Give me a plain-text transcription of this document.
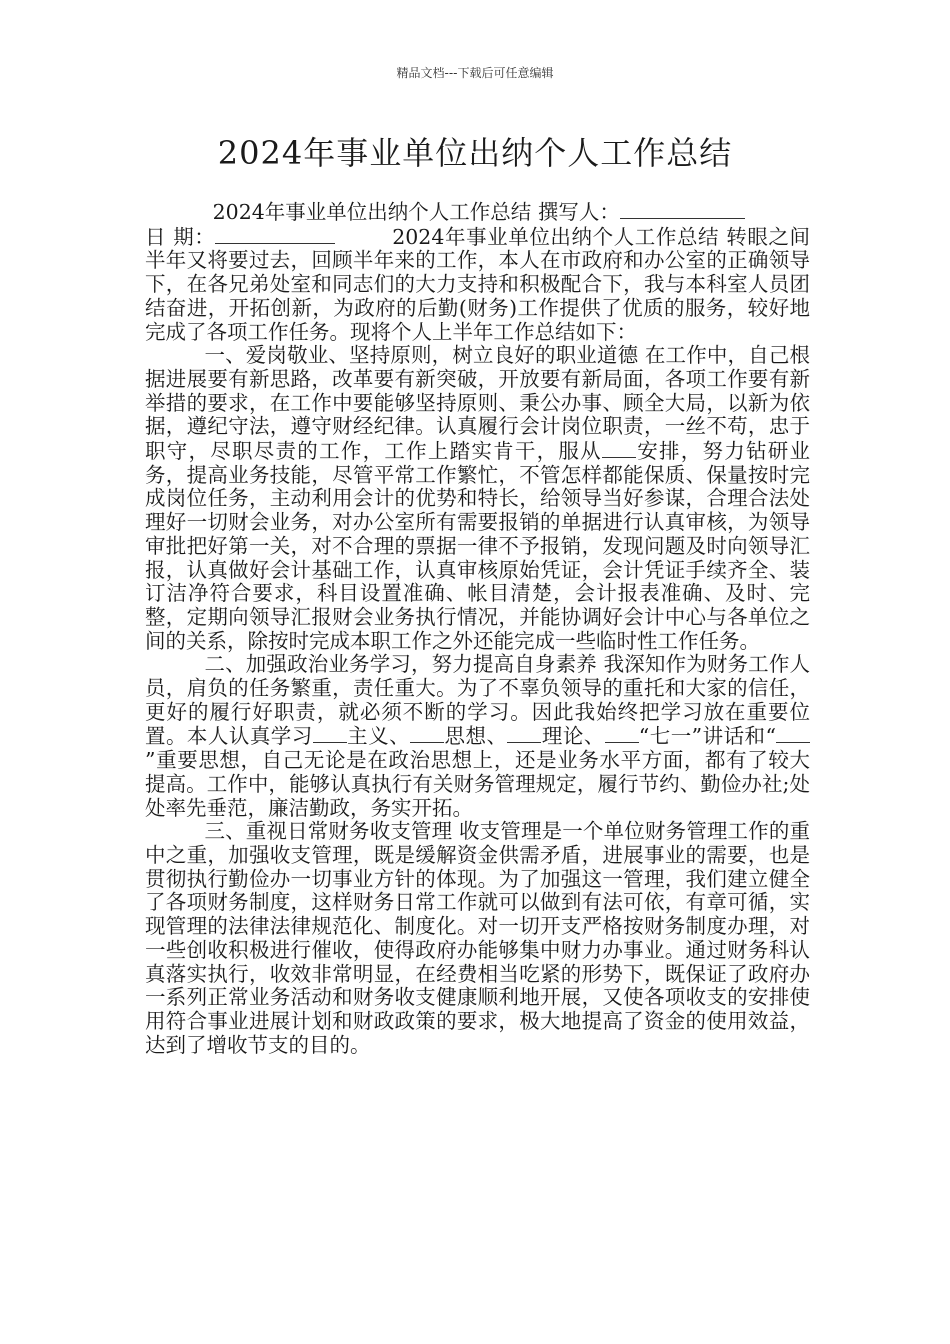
精品文档---下载后可任意编辑
2024年事业单位出纳个人工作总结

2024年事业单位出纳个人工作总结 撰写人：

日 期：	2024年事业单位出纳个人工作总结 转眼之间半年又将要过去，回顾半年来的工作，本人在市政府和办公室的正确领导下，在各兄弟处室和同志们的大力支持和积极配合下，我与本科室人员团结奋进，开拓创新，为政府的后勤(财务)工作提供了优质的服务，较好地完成了各项工作任务。现将个人上半年工作总结如下：

一、爱岗敬业、坚持原则，树立良好的职业道德 在工作中，自己根据进展要有新思路，改革要有新突破，开放要有新局面，各项工作要有新举措的要求，在工作中要能够坚持原则、秉公办事、顾全大局，以新为依据，遵纪守法，遵守财经纪律。认真履行会计岗位职责，一丝不苟，忠于职守，尽职尽责的工作，工作上踏实肯干，服从 安排，努力钻研业务，提高业务技能，尽管平常工作繁忙，不管怎样都能保质、保量按时完成岗位任务，主动利用会计的优势和特长，给领导当好参谋，合理合法处理好一切财会业务，对办公室所有需要报销的单据进行认真审核，为领导审批把好第一关，对不合理的票据一律不予报销，发现问题及时向领导汇报，认真做好会计基础工作，认真审核原始凭证，会计凭证手续齐全、装订洁净符合要求，科目设置准确、帐目清楚，会计报表准确、及时、完整，定期向领导汇报财会业务执行情况，并能协调好会计中心与各单位之间的关系，除按时完成本职工作之外还能完成一些临时性工作任务。

二、加强政治业务学习，努力提高自身素养 我深知作为财务工作人员，肩负的任务繁重，责任重大。为了不辜负领导的重托和大家的信任，更好的履行好职责，就必须不断的学习。因此我始终把学习放在重要位置。本人认真学习 主义、 思想、 理论、 “七一”讲话和“”重要思想，自己无论是在政治思想上，还是业务水平方面，都有了较大提高。工作中，能够认真执行有关财务管理规定，履行节约、勤俭办社;处处率先垂范，廉洁勤政，务实开拓。

三、重视日常财务收支管理 收支管理是一个单位财务管理工作的重中之重，加强收支管理，既是缓解资金供需矛盾，进展事业的需要，也是贯彻执行勤俭办一切事业方针的体现。为了加强这一管理，我们建立健全了各项财务制度，这样财务日常工作就可以做到有法可依，有章可循，实现管理的法律法律规范化、制度化。对一切开支严格按财务制度办理，对一些创收积极进行催收，使得政府办能够集中财力办事业。通过财务科认真落实执行，收效非常明显，在经费相当吃紧的形势下，既保证了政府办一系列正常业务活动和财务收支健康顺利地开展，又使各项收支的安排使用符合事业进展计划和财政政策的要求，极大地提高了资金的使用效益，达到了增收节支的目的。
